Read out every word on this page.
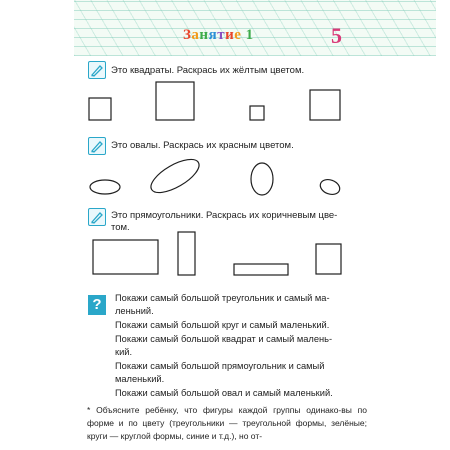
Занятие 1	5
Это квадраты. Раскрась их жёлтым цветом.
Это овалы. Раскрась их красным цветом.
Это прямоугольники. Раскрась их коричневым цве-
том.
?	Покажи самый большой треугольник и самый ма-
леньний.
Покажи самый большой круг и самый маленький.
Покажи самый большой квадрат и самый малень-
кий.
Покажи самый большой прямоугольник и самый
маленький.
Покажи самый большой овал и самый маленький.
* Объясните ребёнку, что фигуры каждой группы одинако-вы по форме и по цвету (треугольники — треугольной формы, зелёные; круги — круглой формы, синие и т.д.), но от-
